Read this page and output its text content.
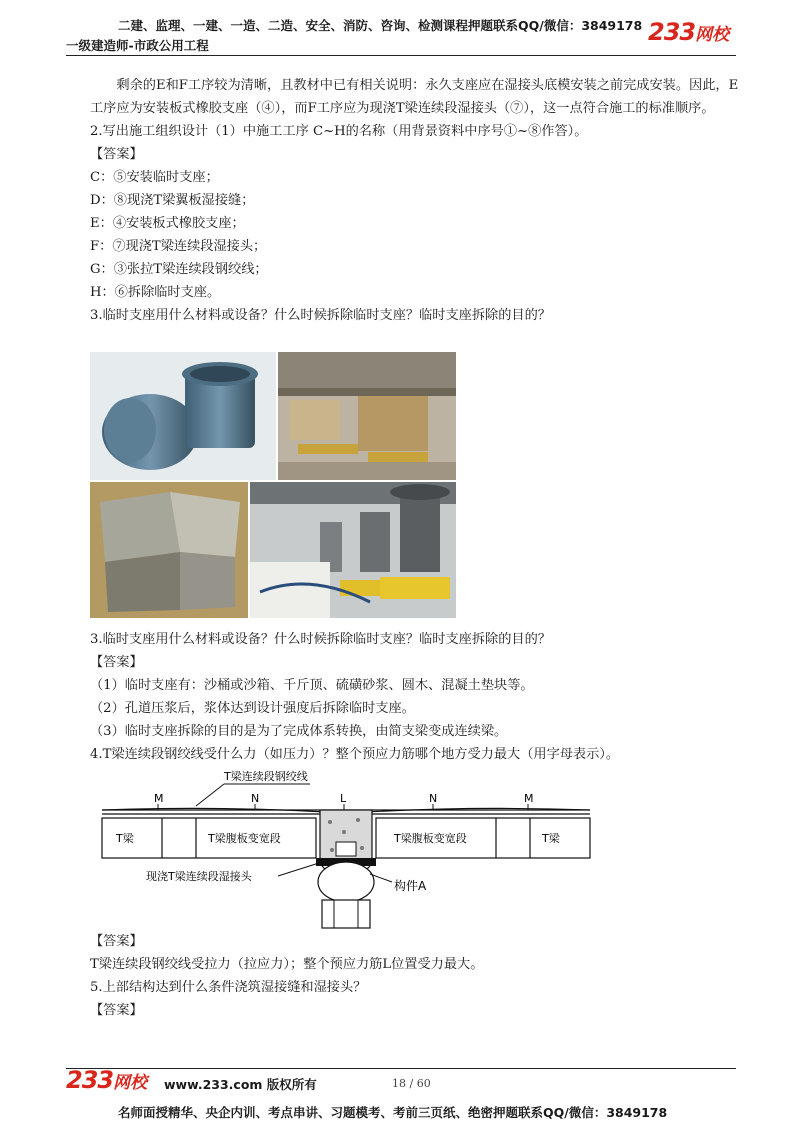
二建、监理、一建、一造、二造、安全、消防、咨询、检测课程押题联系QQ/微信：3849178
一级建造师-市政公用工程	233网校

剩余的E和F工序较为清晰，且教材中已有相关说明：永久支座应在湿接头底模安装之前完成安装。因此，E工序应为安装板式橡胶支座（④），而F工序应为现浇T梁连续段湿接头（⑦），这一点符合施工的标准顺序。

2.写出施工组织设计（1）中施工工序 C~H的名称（用背景资料中序号①~⑧作答）。

【答案】

C：⑤安装临时支座；

D：⑧现浇T梁翼板湿接缝；

E：④安装板式橡胶支座；

F：⑦现浇T梁连续段湿接头；

G：③张拉T梁连续段钢绞线；

H：⑥拆除临时支座。

3.临时支座用什么材料或设备？什么时候拆除临时支座？临时支座拆除的目的？

3.临时支座用什么材料或设备？什么时候拆除临时支座？临时支座拆除的目的？

【答案】

（1）临时支座有：沙桶或沙箱、千斤顶、硫磺砂浆、圆木、混凝土垫块等。

（2）孔道压浆后，浆体达到设计强度后拆除临时支座。

（3）临时支座拆除的目的是为了完成体系转换，由简支梁变成连续梁。

4.T梁连续段钢绞线受什么力（如压力）？整个预应力筋哪个地方受力最大（用字母表示）。

T梁连续段钢绞线
M	N	L	N	M
T梁	T梁腹板变宽段	T梁腹板变宽段	T梁
现浇T梁连续段湿接头
构件A

【答案】

T梁连续段钢绞线受拉力（拉应力）；整个预应力筋L位置受力最大。

5.上部结构达到什么条件浇筑湿接缝和湿接头？

【答案】

233网校 www.233.com 版权所有	18 / 60
名师面授精华、央企内训、考点串讲、习题模考、考前三页纸、绝密押题联系QQ/微信：3849178
